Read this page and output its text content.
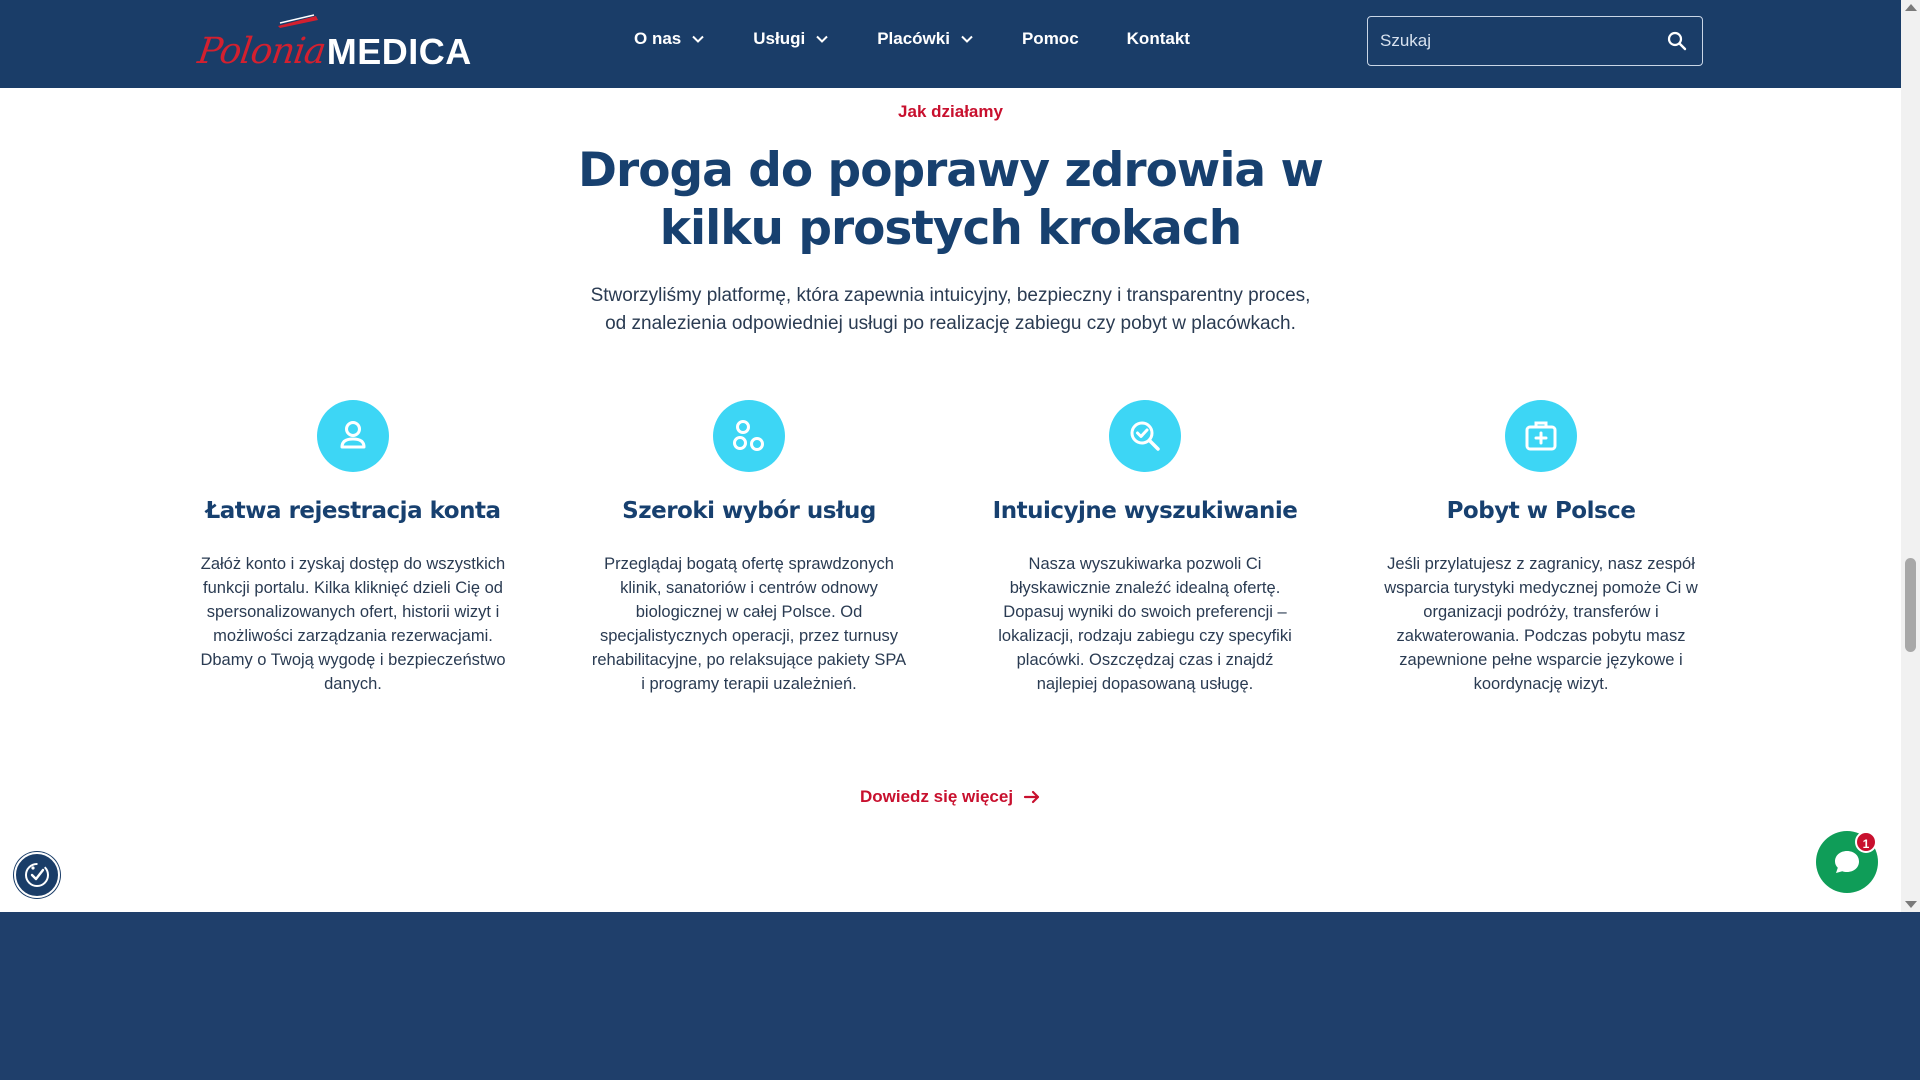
Polonia MEDICA	O nas	Usługi	Placówki	Pomoc	Kontakt
Szukaj
Jak działamy
Droga do poprawy zdrowia w
kilku prostych krokach

Stworzyliśmy platformę, która zapewnia intuicyjny, bezpieczny i transparentny proces,
od znalezienia odpowiedniej usługi po realizację zabiegu czy pobyt w placówkach.

Łatwa rejestracja konta
Załóż konto i zyskaj dostęp do wszystkich funkcji portalu. Kilka kliknięć dzieli Cię od spersonalizowanych ofert, historii wizyt i możliwości zarządzania rezerwacjami. Dbamy o Twoją wygodę i bezpieczeństwo danych.
Szeroki wybór usług
Przeglądaj bogatą ofertę sprawdzonych klinik, sanatoriów i centrów odnowy biologicznej w całej Polsce. Od specjalistycznych operacji, przez turnusy rehabilitacyjne, po relaksujące pakiety SPA i programy terapii uzależnień.
Intuicyjne wyszukiwanie
Nasza wyszukiwarka pozwoli Ci błyskawicznie znaleźć idealną ofertę. Dopasuj wyniki do swoich preferencji – lokalizacji, rodzaju zabiegu czy specyfiki placówki. Oszczędzaj czas i znajdź najlepiej dopasowaną usługę.
Pobyt w Polsce
Jeśli przylatujesz z zagranicy, nasz zespół wsparcia turystyki medycznej pomoże Ci w organizacji podróży, transferów i zakwaterowania. Podczas pobytu masz zapewnione pełne wsparcie językowe i koordynację wizyt.
Dowiedz się więcej
1
